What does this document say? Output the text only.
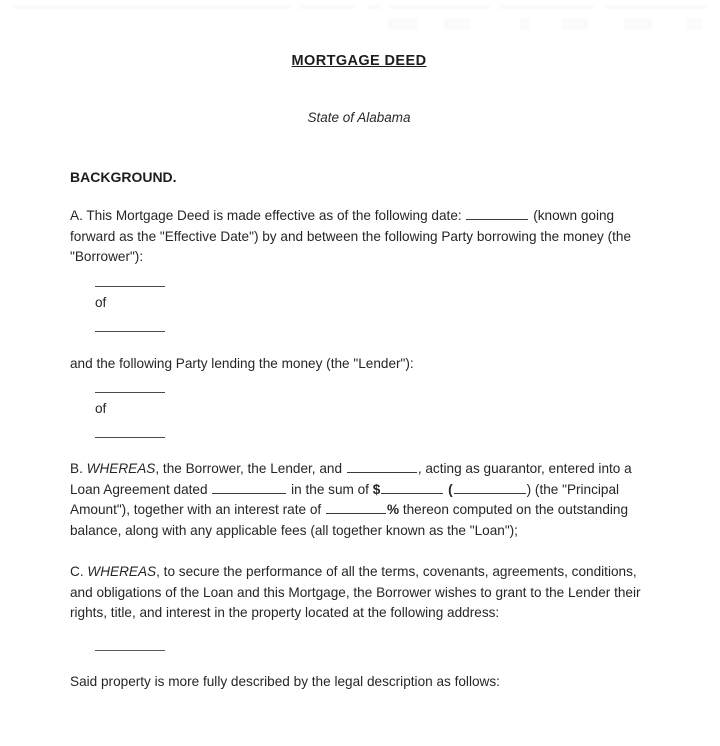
MORTGAGE DEED

State of Alabama

BACKGROUND.

A. This Mortgage Deed is made effective as of the following date:	(known going forward as the "Effective Date") by and between the following Party borrowing the money (the "Borrower"):

of

and the following Party lending the money (the "Lender"):

of

B. WHEREAS, the Borrower, the Lender, and	, acting as guarantor, entered into a Loan Agreement dated	in the sum of $	(	) (the "Principal Amount"), together with an interest rate of	% thereon computed on the outstanding balance, along with any applicable fees (all together known as the "Loan");

C. WHEREAS, to secure the performance of all the terms, covenants, agreements, conditions, and obligations of the Loan and this Mortgage, the Borrower wishes to grant to the Lender their rights, title, and interest in the property located at the following address:

Said property is more fully described by the legal description as follows:
